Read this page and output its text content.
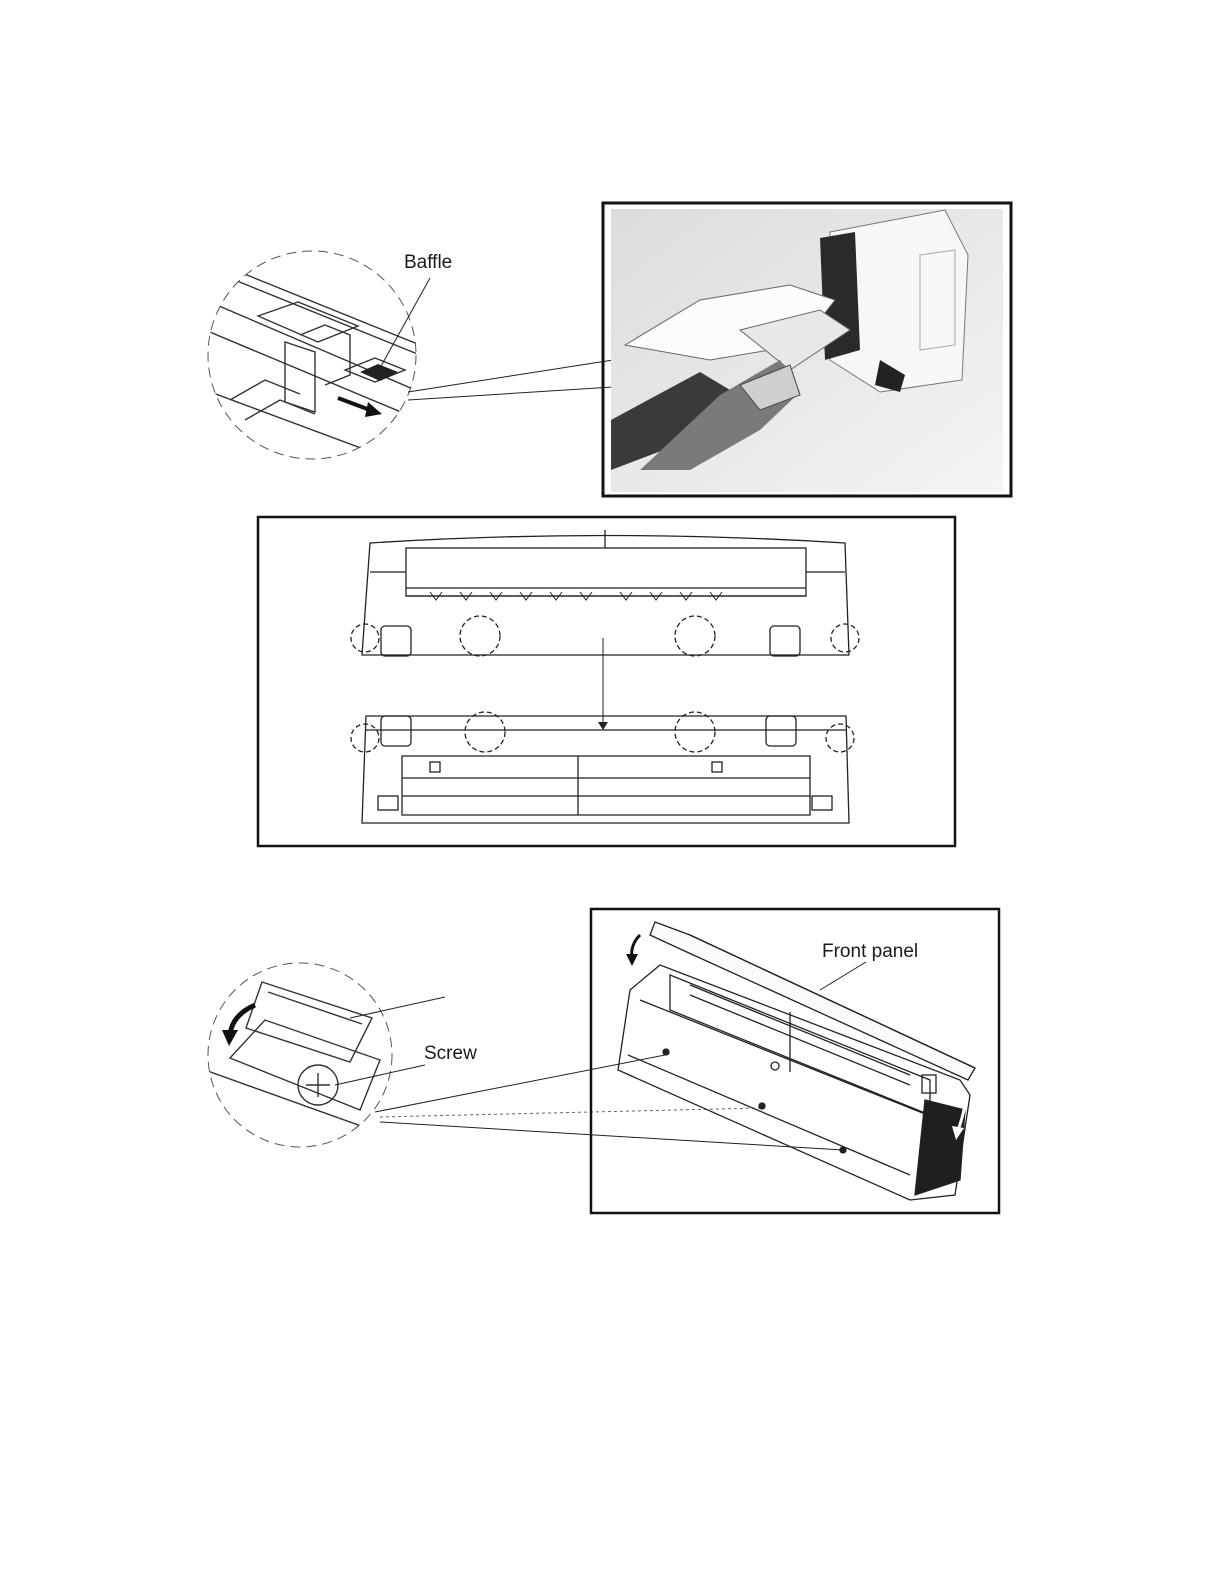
Baffle
Screw
Front panel
